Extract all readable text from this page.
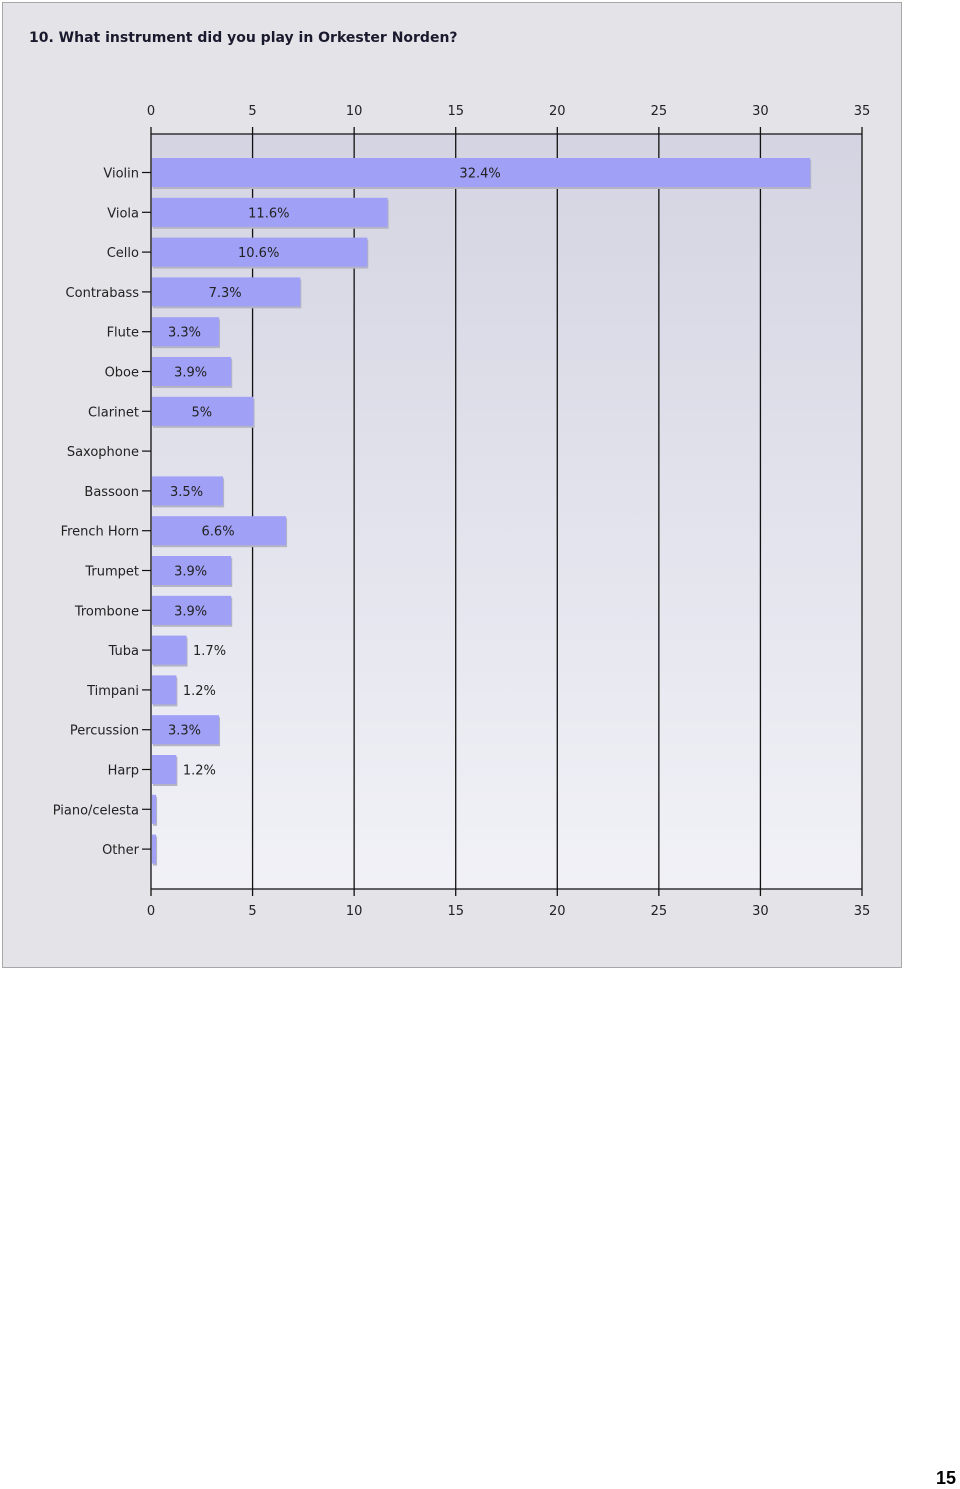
10. What instrument did you play in Orkester Norden?
0
0
5
5
10
10
15
15
20
20
25
25
30
30
35
35
Violin	32.4%
Viola	11.6%
Cello	10.6%
Contrabass	7.3%
Flute 3.3%
Oboe	3.9%
Clarinet	5%
Saxophone
Bassoon 3.5%
French Horn	6.6%
Trumpet	3.9%
Trombone	3.9%
Tuba	1.7%
Timpani	1.2%
Percussion 3.3%
Harp	1.2%
Piano/celesta
Other
15
